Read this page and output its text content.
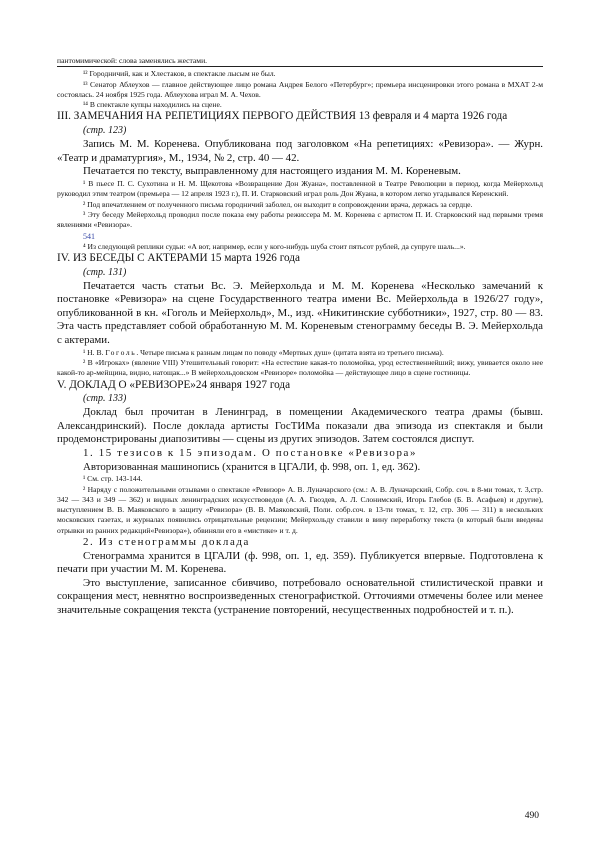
пантомимической: слова заменялись жестами.

¹² Городничий, как и Хлестаков, в спектакле лысым не был.

¹³ Сенатор Аблеухов — главное действующее лицо романа Андрея Белого «Петербург»; премьера инсценировки этого романа в МХАТ 2-м состоялась. 24 ноября 1925 года. Аблеухова играл М. А. Чехов.

¹⁴ В спектакле купцы находились на сцене.

III. ЗАМЕЧАНИЯ НА РЕПЕТИЦИЯХ ПЕРВОГО ДЕЙСТВИЯ 13 февраля и 4 марта 1926 года

(стр. 123)

Запись М. М. Коренева. Опубликована под заголовком «На репетициях: «Ревизора». — Журн. «Театр и драматургия», М., 1934, № 2, стр. 40 — 42.

Печатается по тексту, выправленному для настоящего издания М. М. Кореневым.

¹ В пьесе П. С. Сухотина и Н. М. Щекотова «Возвращение Дон Жуана», поставленной в Театре Революции в период, когда Мейерхольд руководил этим театром (премьера — 12 апреля 1923 г.), П. И. Старковский играл роль Дон Жуана, в котором легко угадывался Керенский.

² Под впечатлением от полученного письма городничий заболел, он выходит в сопровождении врача, держась за сердце.

³ Эту беседу Мейерхольд проводил после показа ему работы режиссера М. М. Коренева с артистом П. И. Старковский над первыми тремя явлениями «Ревизора».

541

⁴ Из следующей реплики судьи: «А вот, например, если у кого-нибудь шуба стоит пятьсот рублей, да супруге шаль...».

IV. ИЗ БЕСЕДЫ С АКТЕРАМИ 15 марта 1926 года

(стр. 131)

Печатается часть статьи Вс. Э. Мейерхольда и М. М. Коренева «Несколько замечаний к постановке «Ревизора» на сцене Государственного театра имени Вс. Мейерхольда в 1926/27 году», опубликованной в кн. «Гоголь и Мейерхольд», М., изд. «Никитинские субботники», 1927, стр. 80 — 83. Эта часть представляет собой обработанную М. М. Кореневым стенограмму беседы В. Э. Мейерхольда с актерами.

¹ Н. В. Гоголь. Четыре письма к разным лицам по поводу «Мертвых душ» (цитата взята из третьего письма).

² В «Игроках» (явление VIII) Утешительный говорит: «На естествие какая-то поломойка, урод естественнейший; вижу, увивается около нее какой-то ар-мейщина, видно, натощак...» В мейерхольдовском «Ревизоре» поломойка — действующее лицо в сцене гостиницы.

V. ДОКЛАД О «РЕВИЗОРЕ»24 января 1927 года

(стр. 133)

Доклад был прочитан в Ленинград, в помещении Академического театра драмы (бывш. Александринский). После доклада артисты ГосТИМа показали два эпизода из спектакля и были продемонстрированы диапозитивы — сцены из других эпизодов. Затем состоялся диспут.

1. 15 тезисов к 15 эпизодам. О постановке «Ревизора»

Авторизованная машинопись (хранится в ЦГАЛИ, ф. 998, оп. 1, ед. 362).

¹ См. стр. 143-144.

² Наряду с положительными отзывами о спектакле «Ревизор» А. В. Луначарского (см.: А. В. Луначарский, Собр. соч. в 8-ми томах, т. 3,стр. 342 — 343 и 349 — 362) и видных ленинградских искусствоведов (А. А. Гвоздев, А. Л. Слонимский, Игорь Глебов (Б. В. Асафьев) и другие), выступлением В. В. Маяковского в защиту «Ревизора» (В. В. Маяковский, Поли. собр.соч. в 13-ти томах, т. 12, стр. 306 — 311) в нескольких московских газетах, и журналах появились отрицательные рецензии; Мейерхольду ставили в вину переработку текста (в который были введены отрывки из ранних редакций«Ревизора»), обвиняли его в «мистике» и т. д.

2. Из стенограммы доклада

Стенограмма хранится в ЦГАЛИ (ф. 998, оп. 1, ед. 359). Публикуется впервые. Подготовлена к печати при участии М. М. Коренева.

Это выступление, записанное сбивчиво, потребовало основательной стилистической правки и сокращения мест, невнятно воспроизведенных стенографисткой. Отточиями отмечены более или менее значительные сокращения текста (устранение повторений, несущественных подробностей и т. п.).

490
